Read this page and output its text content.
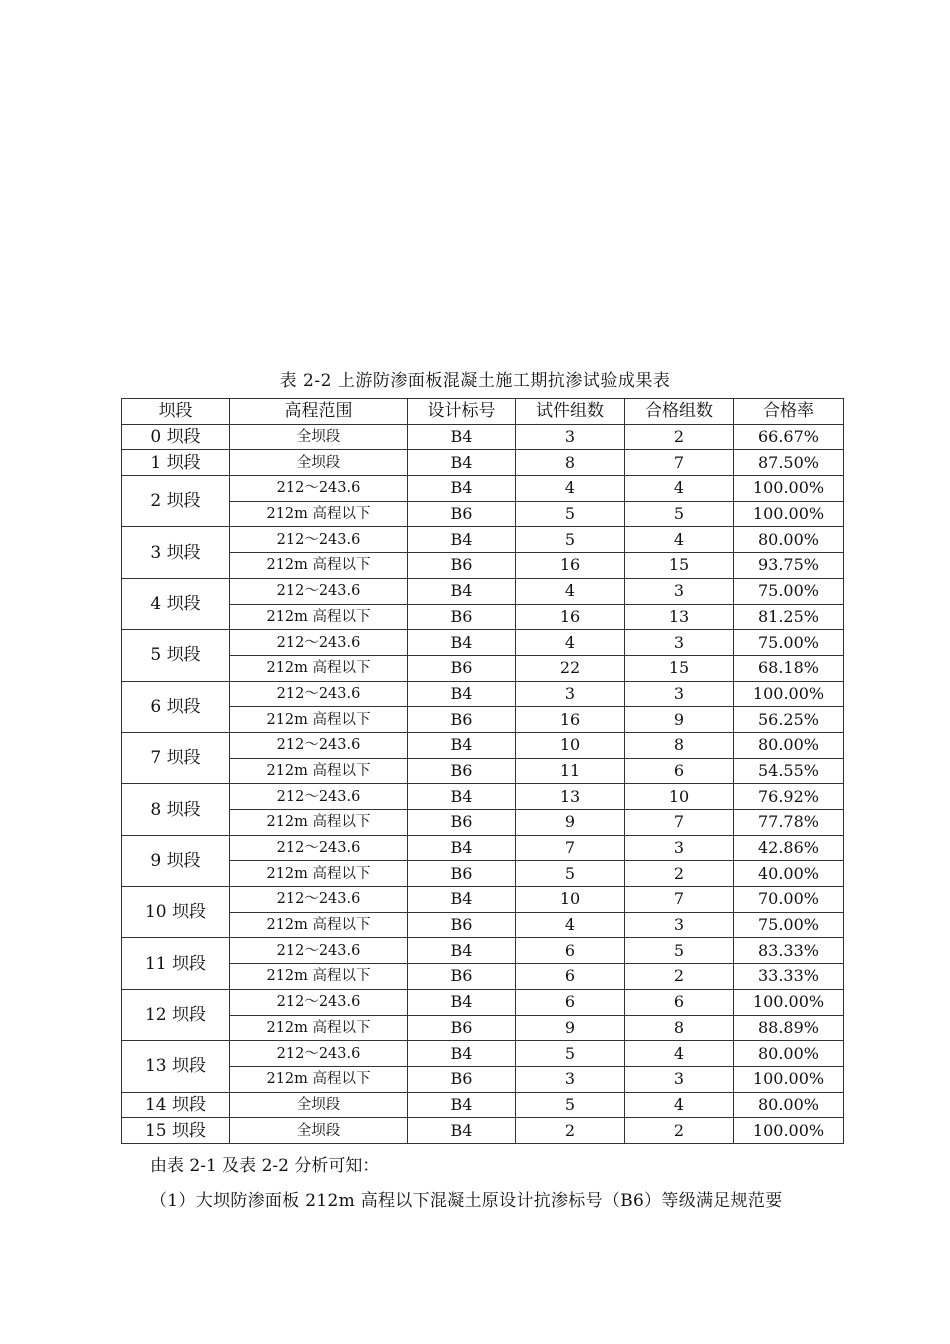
表 2-2 上游防渗面板混凝土施工期抗渗试验成果表
坝段	高程范围	设计标号	试件组数	合格组数	合格率
0 坝段	全坝段	B4	3	2	66.67%
1 坝段	全坝段	B4	8	7	87.50%
2 坝段	212～243.6	B4	4	4	100.00%
	212m 高程以下	B6	5	5	100.00%
3 坝段	212～243.6	B4	5	4	80.00%
	212m 高程以下	B6	16	15	93.75%
4 坝段	212～243.6	B4	4	3	75.00%
	212m 高程以下	B6	16	13	81.25%
5 坝段	212～243.6	B4	4	3	75.00%
	212m 高程以下	B6	22	15	68.18%
6 坝段	212～243.6	B4	3	3	100.00%
	212m 高程以下	B6	16	9	56.25%
7 坝段	212～243.6	B4	10	8	80.00%
	212m 高程以下	B6	11	6	54.55%
8 坝段	212～243.6	B4	13	10	76.92%
	212m 高程以下	B6	9	7	77.78%
9 坝段	212～243.6	B4	7	3	42.86%
	212m 高程以下	B6	5	2	40.00%
10 坝段	212～243.6	B4	10	7	70.00%
	212m 高程以下	B6	4	3	75.00%
11 坝段	212～243.6	B4	6	5	83.33%
	212m 高程以下	B6	6	2	33.33%
12 坝段	212～243.6	B4	6	6	100.00%
	212m 高程以下	B6	9	8	88.89%
13 坝段	212～243.6	B4	5	4	80.00%
	212m 高程以下	B6	3	3	100.00%
14 坝段	全坝段	B4	5	4	80.00%
15 坝段	全坝段	B4	2	2	100.00%
由表 2-1 及表 2-2 分析可知：
（1）大坝防渗面板 212m 高程以下混凝土原设计抗渗标号（B6）等级满足规范要
